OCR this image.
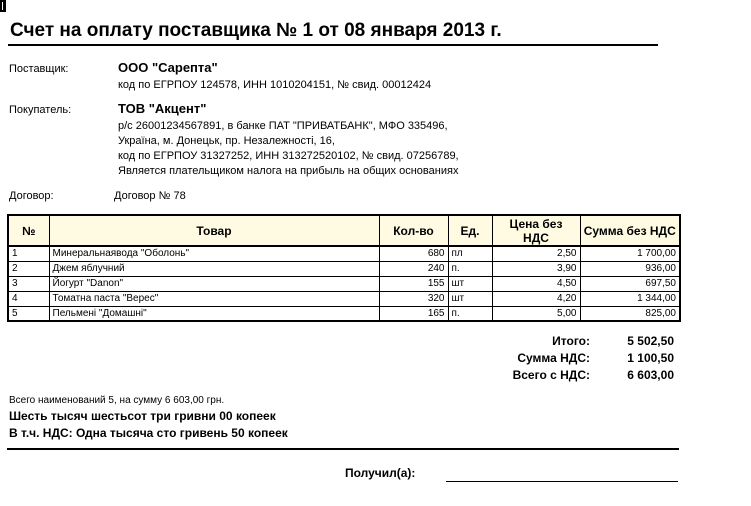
Счет на оплату поставщика № 1 от 08 января 2013 г.
Поставщик:	ООО "Сарепта"
код по ЕГРПОУ 124578, ИНН 1010204151, № свид. 00012424
Покупатель:	ТОВ "Акцент"
р/с 26001234567891, в банке ПАТ "ПРИВАТБАНК", МФО 335496,
Україна, м. Донецьк, пр. Незалежності, 16,
код по ЕГРПОУ 31327252, ИНН 313272520102, № свид. 07256789,
Является плательщиком налога на прибыль на общих основаниях
Договор:	Договор № 78
№	Товар	Кол-во	Ед.	Цена без НДС	Сумма без НДС
1	Минеральнаявода "Оболонь"	680	пл	2,50	1 700,00
2	Джем яблучний	240	п.	3,90	936,00
3	Йогурт "Danon"	155	шт	4,50	697,50
4	Томатна паста "Верес"	320	шт	4,20	1 344,00
5	Пельмені "Домашні"	165	п.	5,00	825,00
Итого:	5 502,50
Сумма НДС:	1 100,50
Всего с НДС:	6 603,00
Всего наименований 5, на сумму 6 603,00 грн.
Шесть тысяч шестьсот три гривни 00 копеек
В т.ч. НДС: Одна тысяча сто гривень 50 копеек
Получил(а):
